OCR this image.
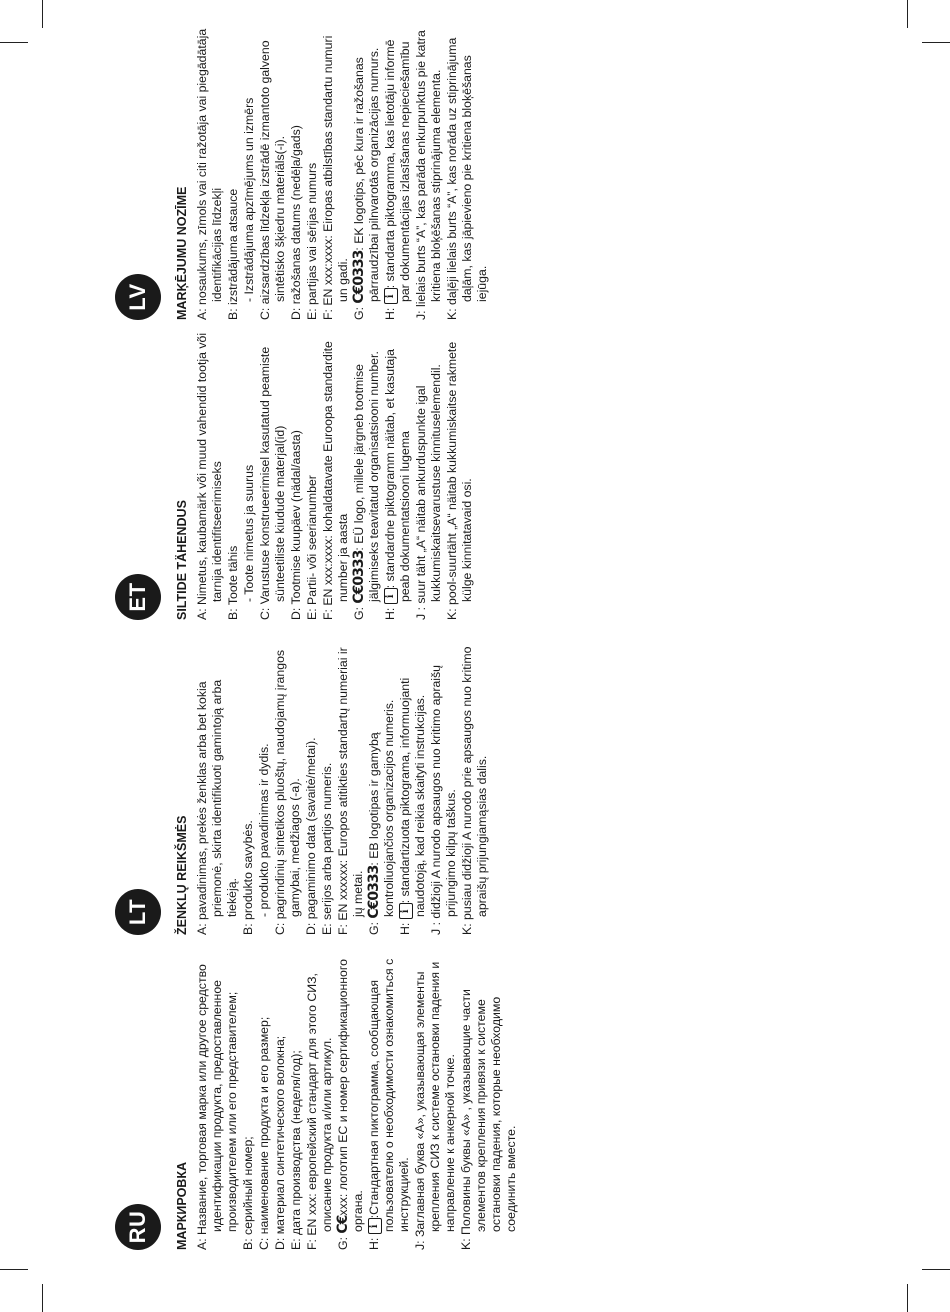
RU	МАРКИРОВКА A: Название, торговая марка или другое средство идентификации продукта, предоставленное производителем или его представителем;
B: серийный номер;
C: наименование продукта и его размер;
D: материал синтетического волокна;
E: дата производства (неделя/год);
F: EN xxx: европейский стандарт для этого СИЗ, описание продукта и/или артикул.
G: C€xxx: логотип ЕС и номер сертификационного органа.
H: i:Стандартная пиктограмма, сообщающая пользователю о необходимости ознакомиться с инструкцией.
J: Заглавная буква «A», указывающая элементы крепления СИЗ к системе остановки падения и направление к анкерной точке.
K: Половины буквы «A» , указывающие части элементов крепления привязи к системе остановки падения, которые необходимо соединить вместе.
LT	ŽENKLŲ REIKŠMĖS A: pavadinimas, prekės ženklas arba bet kokia priemonė, skirta identifikuoti gamintoją arba tiekėją.
B: produkto savybės. - produkto pavadinimas ir dydis.
C: pagrindinių sintetikos pluoštų, naudojamų įrangos gamybai, medžiagos (-a).
D: pagaminimo data (savaitė/metai).
E: serijos arba partijos numeris.
F: EN xxxxxx: Europos atitikties standartų numeriai ir jų metai.
G: C€0333: EB logotipas ir gamybą kontroliuojančios organizacijos numeris.
H: i: standartizuota piktograma, informuojanti naudotoją, kad reikia skaityti instrukcijas.
J : didžioji A nurodo apsaugos nuo kritimo apraišų prijungimo kilpų taškus.
K: pusiau didžioji A nurodo prie apsaugos nuo kritimo apraišų prijungiamąsias dalis.
ET	SILTIDE TÄHENDUS A: Nimetus, kaubamärk või muud vahendid tootja või tarnija identifitseerimiseks
B: Toote tähis - Toote nimetus ja suurus
C: Varustuse konstrueerimisel kasutatud peamiste sünteetiliste kiudude materjal(id)
D: Tootmise kuupäev (nädal/aasta)
E: Partii- või seerianumber
F: EN xxx:xxxx: kohaldatavate Euroopa standardite number ja aasta
G: C€0333: EÜ logo, millele järgneb tootmise jälgimiseks teavitatud organisatsiooni number.
H: i: standardne piktogramm näitab, et kasutaja peab dokumentatsiooni lugema
J : suur täht „A“ näitab ankurduspunkte igal kukkumiskaitsevarustuse kinnituselemendil.
K: pool-suurtäht „A“ näitab kukkumiskaitse rakmete külge kinnitatavaid osi.
LV	MARĶĒJUMU NOZĪME A: nosaukums, zīmols vai citi ražotāja vai piegādātāja identifikācijas līdzekļi
B: izstrādājuma atsauce - Izstrādājuma apzīmējums un izmērs
C: aizsardzības līdzekļa izstrādē izmantoto galveno sintētisko šķiedru materiāls(-i).
D: ražošanas datums (nedēļa/gads)
E: partijas vai sērijas numurs
F: EN xxx:xxxx: Eiropas atbilstības standartu numuri un gadi.
G: C€0333: EK logotips, pēc kura ir ražošanas pārraudzībai pilnvarotās organizācijas numurs.
H: i: standarta piktogramma, kas lietotāju informē par dokumentācijas izlasīšanas nepieciešamību
J: lielais burts “A”, kas parāda enkurpunktus pie katra kritiena bloķēšanas stiprinājuma elementa.
K: daļēji lielais burts “A”, kas norāda uz stiprinājuma daļām, kas jāpievieno pie kritiena bloķēšanas iejūga.
